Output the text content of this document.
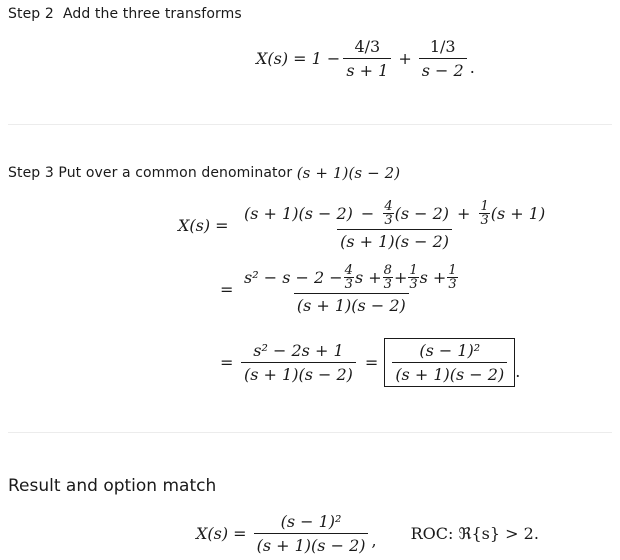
Step 2 Add the three transforms
$X(s) = 1 - \frac{4/3}{s + 1} + \frac{1/3}{s - 2}$ .
Step 3
Put over a common denominator
(s + 1)(s − 2)
X(s) =
$(s + 1)(s - 2) - \frac{4}{3} (s - 2) + \frac{1}{3} (s + 1)$
(s + 1)(s − 2)
=
$s^2 - s - 2 - \frac{4}{3}$ $s + \frac{8}{3} + \frac{1}{3}$ $s + \frac{1}{3}$
(s + 1)(s − 2)
= $\frac{\text{s² − 2s + 1}}{(s + 1)(s - 2)} = \frac{\text{(s − 1)²}}{(s + 1)(s - 2)}$ .
Result and option match
$X(s) = \frac{\text{(s − 1)²}}{(s + 1)(s - 2)}$ , ROC: ℜ{s} > 2.
